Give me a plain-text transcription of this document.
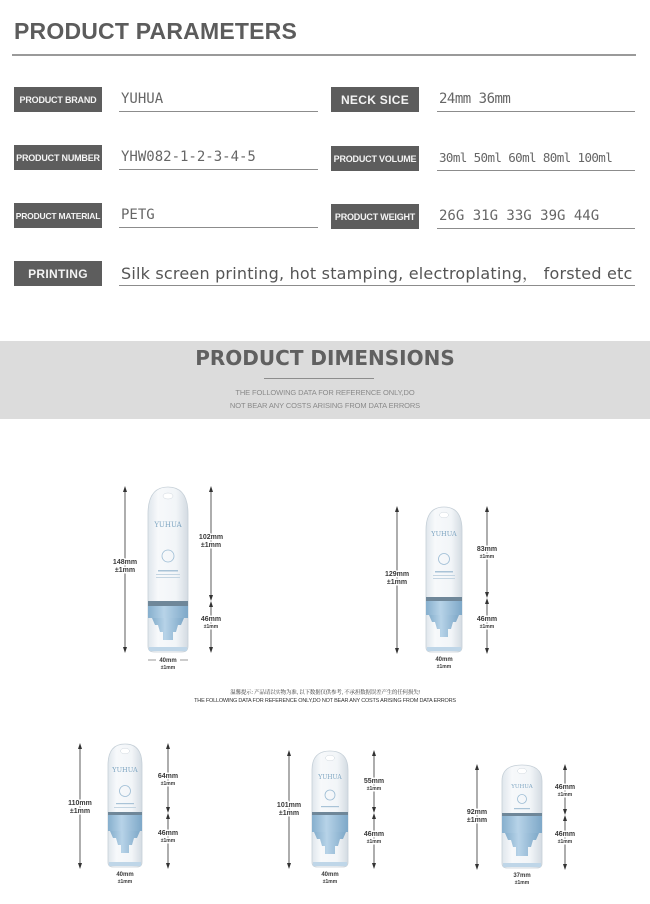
PRODUCT PARAMETERS
PRODUCT BRAND	YUHUA	NECK SICE	24mm 36mm
PRODUCT NUMBER YHW082-1-2-3-4-5	PRODUCT VOLUME 30ml 50ml 60ml 80ml 100ml
PRODUCT MATERIAL PETG	PRODUCT WEIGHT 26G 31G 33G 39G 44G
PRINTING	Silk screen printing, hot stamping, electroplating， forsted etc
PRODUCT DIMENSIONS
THE FOLLOWING DATA FOR REFERENCE ONLY,DO
NOT BEAR ANY COSTS ARISING FROM DATA ERRORS
温馨提示: 产品请以实物为准, 以下数据仅供参考, 不承担数据误差产生的任何损失!
THE FOLLOWING DATA FOR REFERENCE ONLY,DO NOT BEAR ANY COSTS ARISING FROM DATA ERRORS
YUHUA
148mm
±1mm
102mm
±1mm
46mm
±1mm
40mm
±1mm
YUHUA
129mm
±1mm
83mm
±1mm
46mm
±1mm
40mm
±1mm
YUHUA
110mm
±1mm
64mm
±1mm
46mm
±1mm
40mm
±1mm
YUHUA
101mm
±1mm
55mm
±1mm
46mm
±1mm
40mm
±1mm
YUHUA
92mm
±1mm
46mm
±1mm
46mm
±1mm
37mm
±1mm
